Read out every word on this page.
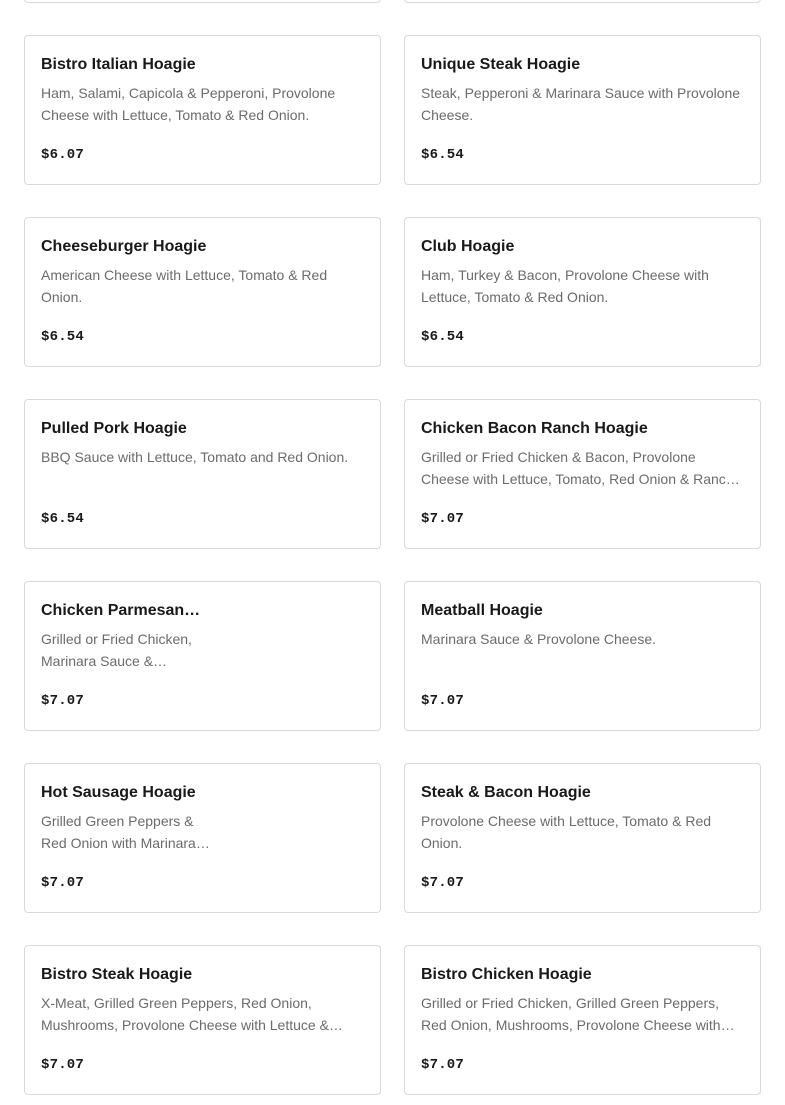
Bistro Italian Hoagie
Ham, Salami, Capicola & Pepperoni, Provolone Cheese with Lettuce, Tomato & Red Onion.
$6.07
Unique Steak Hoagie
Steak, Pepperoni & Marinara Sauce with Provolone Cheese.
$6.54
Cheeseburger Hoagie
American Cheese with Lettuce, Tomato & Red Onion.
$6.54
Club Hoagie
Ham, Turkey & Bacon, Provolone Cheese with Lettuce, Tomato & Red Onion.
$6.54
Pulled Pork Hoagie
BBQ Sauce with Lettuce, Tomato and Red Onion.
$6.54
Chicken Bacon Ranch Hoagie
Grilled or Fried Chicken & Bacon, Provolone Cheese with Lettuce, Tomato, Red Onion & Ranc…
$7.07
Chicken Parmesan…
Grilled or Fried Chicken, Marinara Sauce &…
$7.07
Meatball Hoagie
Marinara Sauce & Provolone Cheese.
$7.07
Hot Sausage Hoagie
Grilled Green Peppers & Red Onion with Marinara…
$7.07
Steak & Bacon Hoagie
Provolone Cheese with Lettuce, Tomato & Red Onion.
$7.07
Bistro Steak Hoagie
X-Meat, Grilled Green Peppers, Red Onion, Mushrooms, Provolone Cheese with Lettuce &…
$7.07
Bistro Chicken Hoagie
Grilled or Fried Chicken, Grilled Green Peppers, Red Onion, Mushrooms, Provolone Cheese with…
$7.07
